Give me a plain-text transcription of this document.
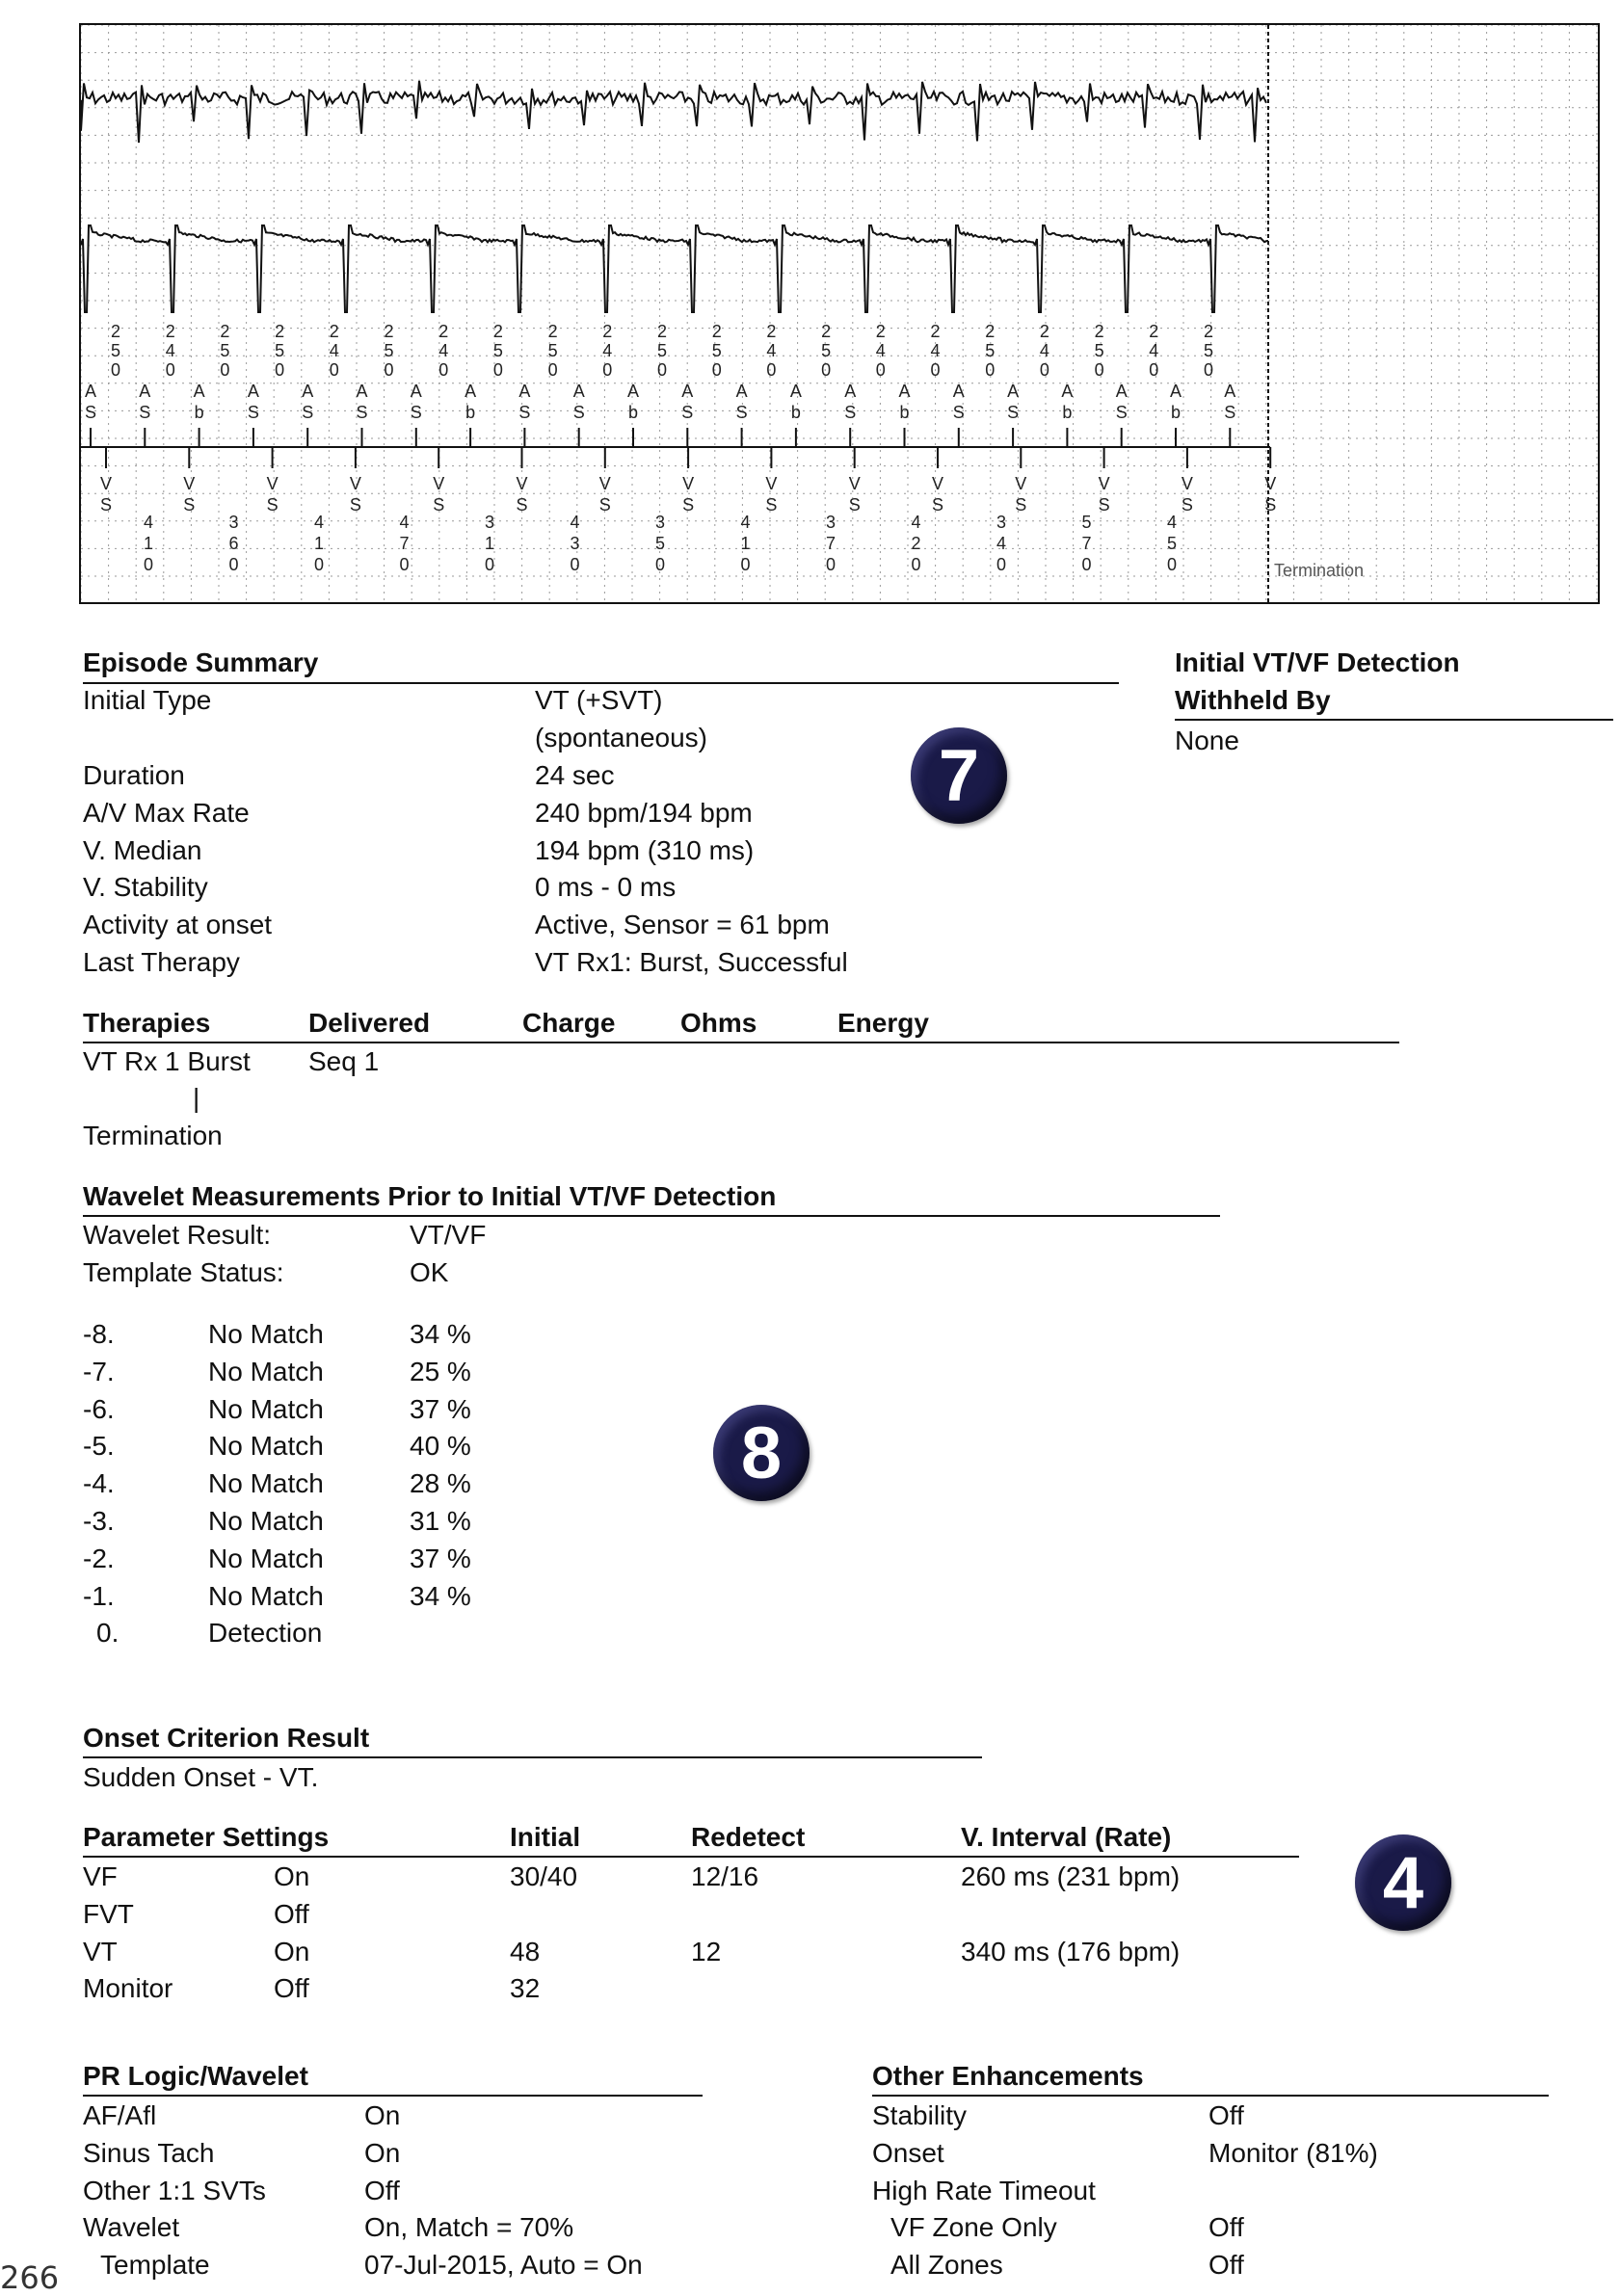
2
5
0
2
4
0
2
5
0
2
5
0
2
4
0
2
5
0
2
4
0
2
5
0
2
5
0
2
4
0
2
5
0
2
5
0
2
4
0
2
5
0
2
4
0
2
4
0
2
5
0
2
4
0
2
5
0
2
4
0
2
5
0
A
S
A
S
A
b
A
S
A
S
A
S
A
S
A
b
A
S
A
S
A
b
A
S
A
S
A
b
A
S
A
b
A
S
A
S
A
b
A
S
A
b
A
S
V
S
V
S
V
S
V
S
V
S
V
S
V
S
V
S
V
S
V
S
V
S
V
S
V
S
V
S
V
S
4
1
0
3
6
0
4
1
0
4
7
0
3
1
0
4
3
0
3
5
0
4
1
0
3
7
0
4
2
0
3
4
0
5
7
0
4
5
0	Termination
Episode Summary
Initial Type	VT (+SVT)
(spontaneous)
Duration	24 sec
A/V Max Rate	240 bpm/194 bpm
V. Median	194 bpm (310 ms)
V. Stability	0 ms - 0 ms
Activity at onset	Active, Sensor = 61 bpm
Last Therapy	VT Rx1: Burst, Successful
Initial VT/VF Detection
Withheld By
None
7
Therapies	Delivered	Charge Ohms	Energy
VT Rx 1 Burst Seq 1
|
Termination
Wavelet Measurements Prior to Initial VT/VF Detection
Wavelet Result:	VT/VF
Template Status:	OK
-8.	No Match	34 %
-7.	No Match	25 %
-6.	No Match	37 %
-5.	No Match	40 %
-4.	No Match	28 %
-3.	No Match	31 %
-2.	No Match	37 %
-1.	No Match	34 %
0.	Detection
8
Onset Criterion Result
Sudden Onset - VT.
Parameter Settings	Initial	Redetect	V. Interval (Rate)
VF	On	30/40	12/16	260 ms (231 bpm)
FVT	Off
VT	On	48	12	340 ms (176 bpm)
Monitor	Off	32
4
PR Logic/Wavelet
AF/Afl	On
Sinus Tach	On
Other 1:1 SVTs	Off
Wavelet	On, Match = 70%
Template	07-Jul-2015, Auto = On
Other Enhancements
Stability	Off
Onset	Monitor (81%)
High Rate Timeout
VF Zone Only	Off
All Zones	Off
266
